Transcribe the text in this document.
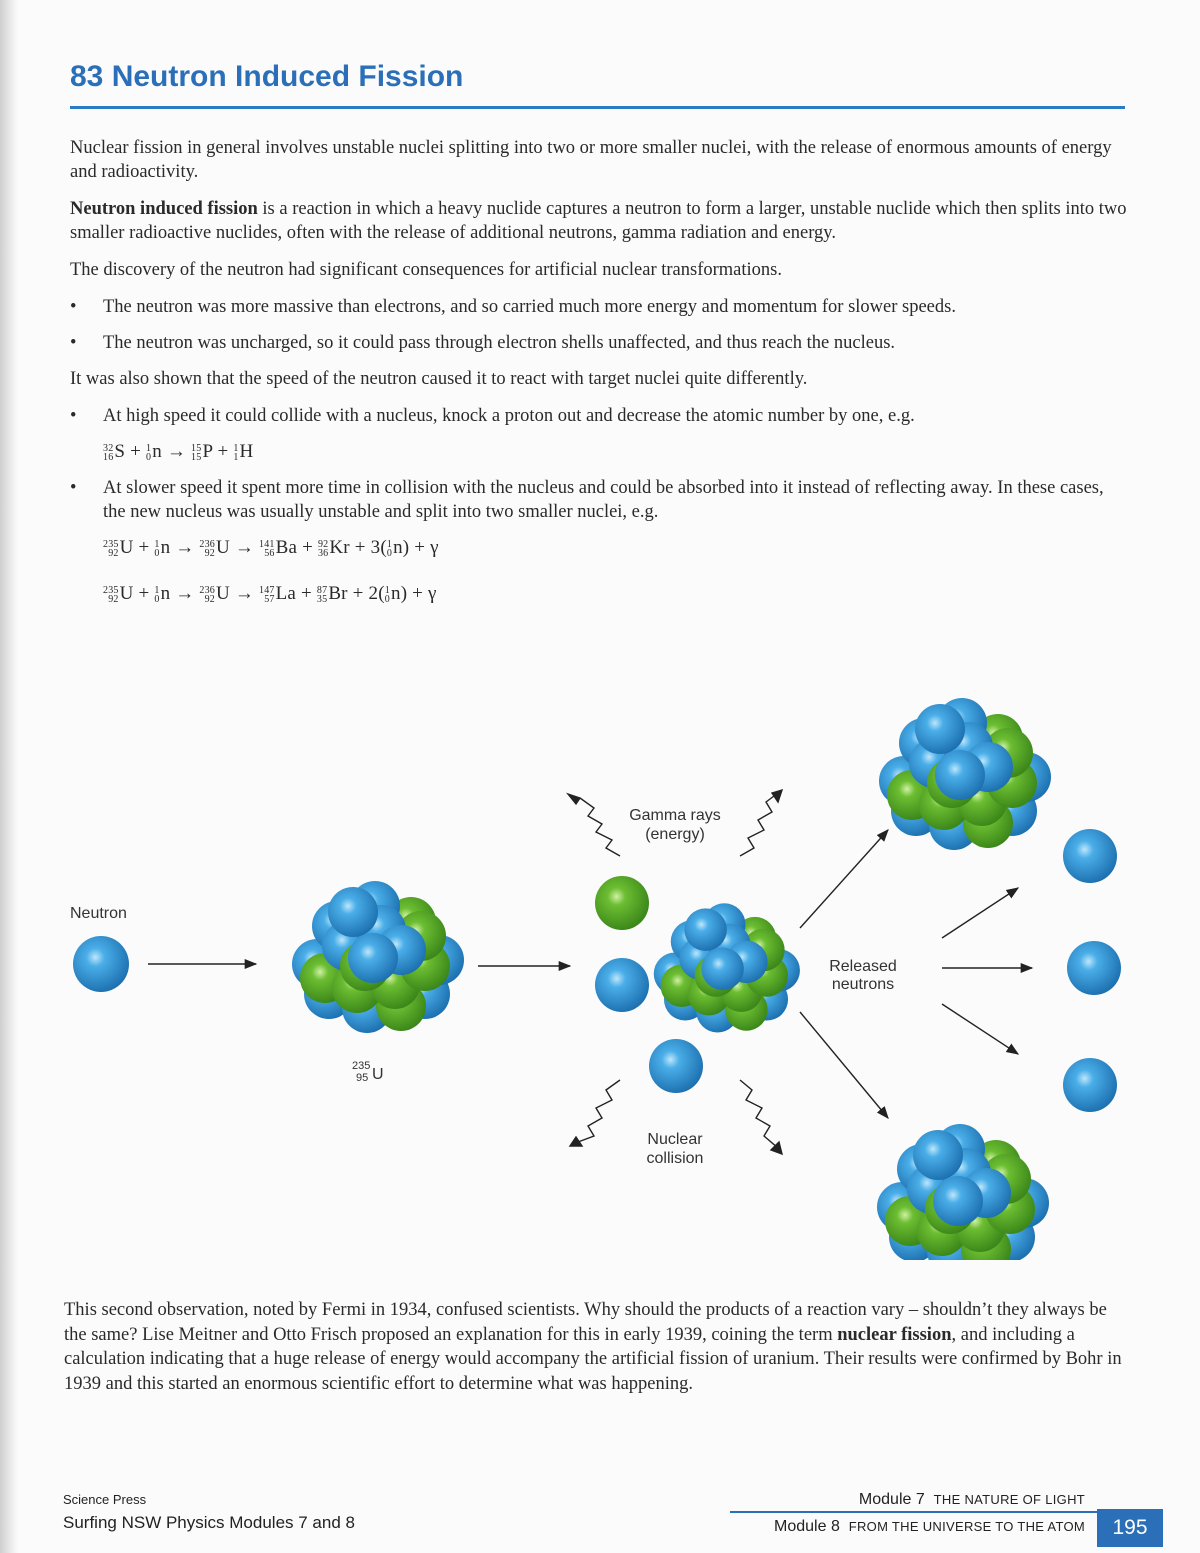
83 Neutron Induced Fission

Nuclear fission in general involves unstable nuclei splitting into two or more smaller nuclei, with the release of enormous amounts of energy and radioactivity.

Neutron induced fission is a reaction in which a heavy nuclide captures a neutron to form a larger, unstable nuclide which then splits into two smaller radioactive nuclides, often with the release of additional neutrons, gamma radiation and energy.

The discovery of the neutron had significant consequences for artificial nuclear transformations.

• The neutron was more massive than electrons, and so carried much more energy and momentum for slower speeds.
• The neutron was uncharged, so it could pass through electron shells unaffected, and thus reach the nucleus.

It was also shown that the speed of the neutron caused it to react with target nuclei quite differently.

• At high speed it could collide with a nucleus, knock a proton out and decrease the atomic number by one, e.g.
32
16 S + 1
0 n → 15
15 P + 1
1 H
• At slower speed it spent more time in collision with the nucleus and could be absorbed into it instead of reflecting away. In these cases, the new nucleus was usually unstable and split into two smaller nuclei, e.g.
235
92 U + 1
0 n → 236
92 U → 141
56 Ba + 92
36 Kr + 3( 1
0 n) + γ
235
92 U + 1
0 n → 236
92 U → 147
57 La + 87
35 Br + 2( 1
0 n) + γ
Neutron
235
95 U
Gamma rays
(energy)
Nuclear
collision
Released
neutrons
This second observation, noted by Fermi in 1934, confused scientists. Why should the products of a reaction vary – shouldn’t they always be the same? Lise Meitner and Otto Frisch proposed an explanation for this in early 1939, coining the term nuclear fission, and including a calculation indicating that a huge release of energy would accompany the artificial fission of uranium. Their results were confirmed by Bohr in 1939 and this started an enormous scientific effort to determine what was happening.
Science Press
Surfing NSW Physics Modules 7 and 8
Module 7 THE NATURE OF LIGHT
Module 8 FROM THE UNIVERSE TO THE ATOM	195
